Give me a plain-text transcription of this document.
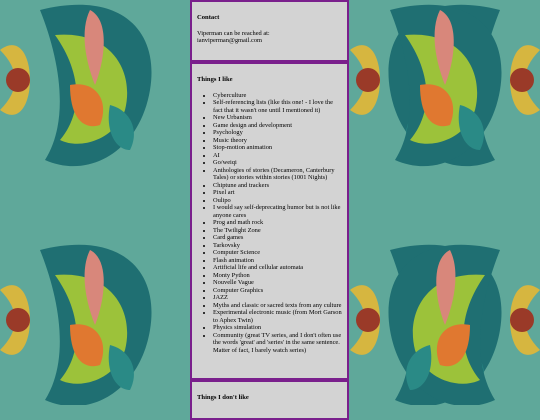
Contact

Viperman can be reached at:

ianviperman@gmail.com

Things I like
• Cyberculture
• Self-referencing lists (like this one! - I love the fact that it wasn't one until I mentioned it)
• New Urbanism
• Game design and development
• Psychology
• Music theory
• Stop-motion animation
• AI
• Go/weiqi
• Anthologies of stories (Decameron, Canterbury Tales) or stories within stories (1001 Nights)
• Chiptune and trackers
• Pixel art
• Oulipo
• I would say self-deprecating humor but is not like anyone cares
• Prog and math rock
• The Twilight Zone
• Card games
• Tarkovsky
• Computer Science
• Flash animation
• Artificial life and cellular automata
• Monty Python
• Nouvelle Vague
• Computer Graphics
• JAZZ
• Myths and classic or sacred texts from any culture
• Experimental electronic music (from Mort Garson to Aphex Twin)
• Physics simulation
• Community (great TV series, and I don't often use the words 'great' and 'series' in the same sentence. Matter of fact, I barely watch series)
Things I don't like
